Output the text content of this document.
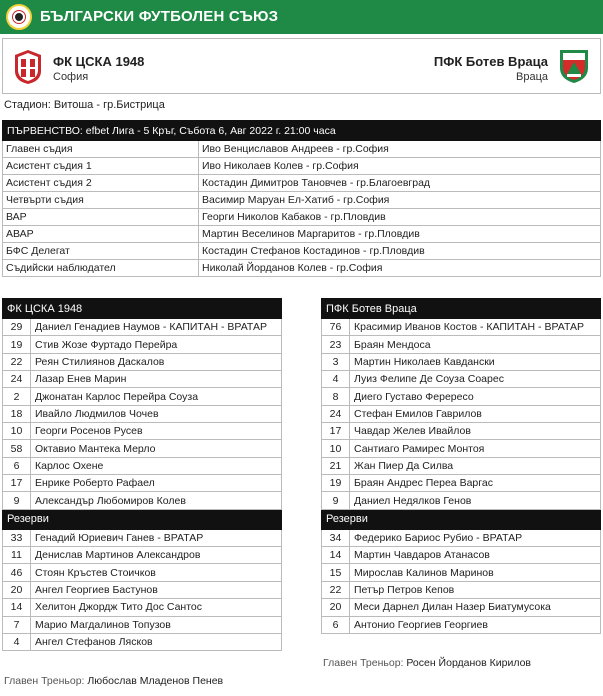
БЪЛГАРСКИ ФУТБОЛЕН СЪЮЗ
ФК ЦСКА 1948
София
ПФК Ботев Враца
Враца
Стадион: Витоша - гр.Бистрица
ПЪРВЕНСТВО: efbet Лига - 5 Кръг, Събота 6, Авг 2022 г. 21:00 часа	
Главен съдия	Иво Венциславов Андреев - гр.София
Асистент съдия 1	Иво Николаев Колев - гр.София
Асистент съдия 2	Костадин Димитров Тановчев - гр.Благоевград
Четвърти съдия	Васимир Маруан Ел-Хатиб - гр.София
ВАР	Георги Николов Кабаков - гр.Пловдив
АВАР	Мартин Веселинов Маргаритов - гр.Пловдив
БФС Делегат	Костадин Стефанов Костадинов - гр.Пловдив
Съдийски наблюдател	Николай Йорданов Колев - гр.София
ФК ЦСКА 1948	
29	Даниел Генадиев Наумов - КАПИТАН - ВРАТАР
19	Стив Жозе Фуртадо Перейра
22	Реян Стилиянов Даскалов
24	Лазар Енев Марин
2	Джонатан Карлос Перейра Соуза
18	Ивайло Людмилов Чочев
10	Георги Росенов Русев
58	Октавио Мантека Мерло
6	Карлос Охене
17	Енрике Роберто Рафаел
9	Александър Любомиров Колев
Резерви	
33	Генадий Юриевич Ганев - ВРАТАР
11	Денислав Мартинов Александров
46	Стоян Кръстев Стоичков
20	Ангел Георгиев Бастунов
14	Хелитон Джордж Тито Дос Сантос
7	Марио Магдалинов Топузов
4	Ангел Стефанов Лясков
ПФК Ботев Враца	
76	Красимир Иванов Костов - КАПИТАН - ВРАТАР
23	Браян Мендоса
3	Мартин Николаев Кавдански
4	Луиз Фелипе Де Соуза Соарес
8	Диего Густаво Ферересо
24	Стефан Емилов Гаврилов
17	Чавдар Желев Ивайлов
10	Сантиаго Рамирес Монтоя
21	Жан Пиер Да Силва
19	Браян Андрес Переа Варгас
9	Даниел Недялков Генов
Резерви	
34	Федерико Бариос Рубио - ВРАТАР
14	Мартин Чавдаров Атанасов
15	Мирослав Калинов Маринов
22	Петър Петров Кепов
20	Меси Дарнел Дилан Назер Биатумусока
6	Антонио Георгиев Георгиев
Главен Треньор: Росен Йорданов Кирилов
Главен Треньор: Любослав Младенов Пенев
